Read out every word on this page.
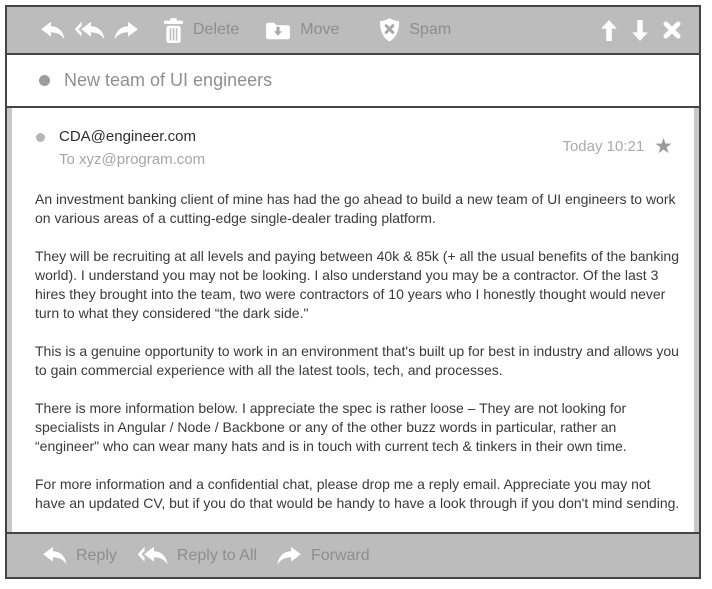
Delete	Move	Spam
New team of UI engineers
CDA@engineer.com
To xyz@program.com
Today 10:21 ★

An investment banking client of mine has had the go ahead to build a new team of UI engineers to work on various areas of a cutting-edge single-dealer trading platform.

They will be recruiting at all levels and paying between 40k & 85k (+ all the usual benefits of the banking world). I understand you may not be looking. I also understand you may be a contractor. Of the last 3 hires they brought into the team, two were contractors of 10 years who I honestly thought would never turn to what they considered “the dark side."

This is a genuine opportunity to work in an environment that's built up for best in industry and allows you to gain commercial experience with all the latest tools, tech, and processes.

There is more information below. I appreciate the spec is rather loose – They are not looking for specialists in Angular / Node / Backbone or any of the other buzz words in particular, rather an “engineer" who can wear many hats and is in touch with current tech & tinkers in their own time.

For more information and a confidential chat, please drop me a reply email. Appreciate you may not have an updated CV, but if you do that would be handy to have a look through if you don't mind sending.

Reply	Reply to All	Forward
